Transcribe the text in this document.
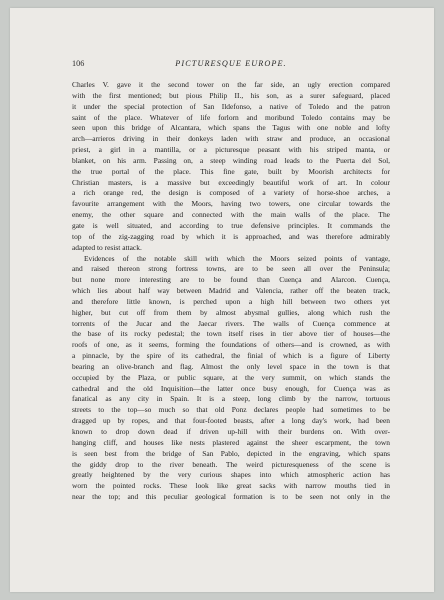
106	PICTURESQUE EUROPE.
Charles V. gave it the second tower on the far side, an ugly erection compared
with the first mentioned; but pious Philip II., his son, as a surer safeguard, placed
it under the special protection of San Ildefonso, a native of Toledo and the patron
saint of the place. Whatever of life forlorn and moribund Toledo contains may be
seen upon this bridge of Alcantara, which spans the Tagus with one noble and lofty
arch—arrieros driving in their donkeys laden with straw and produce, an occasional
priest, a girl in a mantilla, or a picturesque peasant with his striped manta, or
blanket, on his arm. Passing on, a steep winding road leads to the Puerta del Sol,
the true portal of the place. This fine gate, built by Moorish architects for
Christian masters, is a massive but exceedingly beautiful work of art. In colour
a rich orange red, the design is composed of a variety of horse-shoe arches, a
favourite arrangement with the Moors, having two towers, one circular towards the
enemy, the other square and connected with the main walls of the place. The
gate is well situated, and according to true defensive principles. It commands the
top of the zig-zagging road by which it is approached, and was therefore admirably
adapted to resist attack.
Evidences of the notable skill with which the Moors seized points of vantage,
and raised thereon strong fortress towns, are to be seen all over the Peninsula;
but none more interesting are to be found than Cuença and Alarcon. Cuença,
which lies about half way between Madrid and Valencia, rather off the beaten track,
and therefore little known, is perched upon a high hill between two others yet
higher, but cut off from them by almost abysmal gullies, along which rush the
torrents of the Jucar and the Jaecar rivers. The walls of Cuença commence at
the base of its rocky pedestal; the town itself rises in tier above tier of houses—the
roofs of one, as it seems, forming the foundations of others—and is crowned, as with
a pinnacle, by the spire of its cathedral, the finial of which is a figure of Liberty
bearing an olive-branch and flag. Almost the only level space in the town is that
occupied by the Plaza, or public square, at the very summit, on which stands the
cathedral and the old Inquisition—the latter once busy enough, for Cuença was as
fanatical as any city in Spain. It is a steep, long climb by the narrow, tortuous
streets to the top—so much so that old Ponz declares people had sometimes to be
dragged up by ropes, and that four-footed beasts, after a long day's work, had been
known to drop down dead if driven up-hill with their burdens on. With over-
hanging cliff, and houses like nests plastered against the sheer escarpment, the town
is seen best from the bridge of San Pablo, depicted in the engraving, which spans
the giddy drop to the river beneath. The weird picturesqueness of the scene is
greatly heightened by the very curious shapes into which atmospheric action has
worn the pointed rocks. These look like great sacks with narrow mouths tied in
near the top; and this peculiar geological formation is to be seen not only in the
